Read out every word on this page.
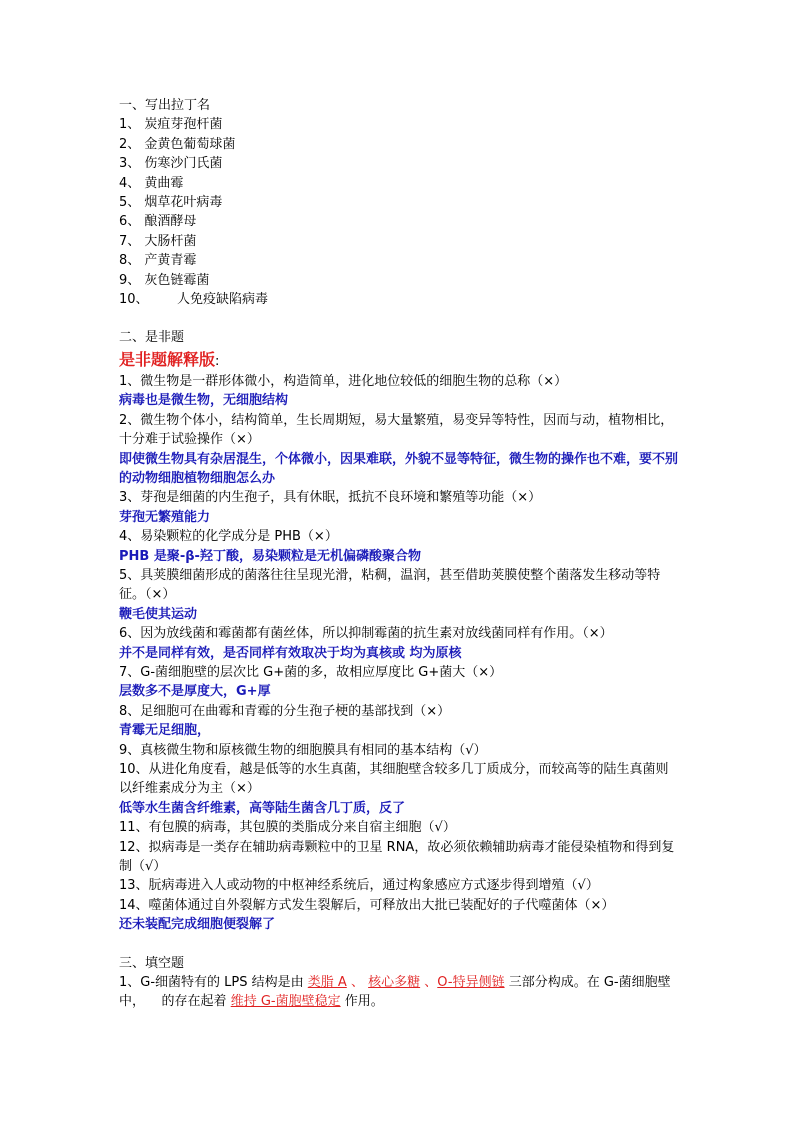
一、写出拉丁名
1、 炭疽芽孢杆菌
2、 金黄色葡萄球菌
3、 伤寒沙门氏菌
4、 黄曲霉
5、 烟草花叶病毒
6、 酿酒酵母
7、 大肠杆菌
8、 产黄青霉
9、 灰色链霉菌
10、 人免疫缺陷病毒
二、是非题
是非题解释版:
1、微生物是一群形体微小，构造简单，进化地位较低的细胞生物的总称（×）
病毒也是微生物，无细胞结构
2、微生物个体小，结构简单，生长周期短，易大量繁殖，易变异等特性，因而与动，植物相比，十分难于试验操作（×）
即使微生物具有杂居混生，个体微小，因果难联，外貌不显等特征，微生物的操作也不难，要不别的动物细胞植物细胞怎么办
3、芽孢是细菌的内生孢子，具有休眠，抵抗不良环境和繁殖等功能（×）
芽孢无繁殖能力
4、易染颗粒的化学成分是 PHB（×）
PHB 是聚-β-羟丁酸，易染颗粒是无机偏磷酸聚合物
5、具荚膜细菌形成的菌落往往呈现光滑，粘稠，温润，甚至借助荚膜使整个菌落发生移动等特征。（×）
鞭毛使其运动
6、因为放线菌和霉菌都有菌丝体，所以抑制霉菌的抗生素对放线菌同样有作用。（×）
并不是同样有效，是否同样有效取决于均为真核或 均为原核
7、G-菌细胞壁的层次比 G+菌的多，故相应厚度比 G+菌大（×）
层数多不是厚度大，G+厚
8、足细胞可在曲霉和青霉的分生孢子梗的基部找到（×）
青霉无足细胞，
9、真核微生物和原核微生物的细胞膜具有相同的基本结构（√）
10、从进化角度看，越是低等的水生真菌，其细胞壁含较多几丁质成分，而较高等的陆生真菌则以纤维素成分为主（×）
低等水生菌含纤维素，高等陆生菌含几丁质，反了
11、有包膜的病毒，其包膜的类脂成分来自宿主细胞（√）
12、拟病毒是一类存在辅助病毒颗粒中的卫星 RNA，故必须依赖辅助病毒才能侵染植物和得到复制（√）
13、朊病毒进入人或动物的中枢神经系统后，通过构象感应方式逐步得到增殖（√）
14、噬菌体通过自外裂解方式发生裂解后，可释放出大批已装配好的子代噬菌体（×）
还未装配完成细胞便裂解了
三、填空题
1、G-细菌特有的 LPS 结构是由 类脂 A 、 核心多糖 、O-特异侧链 三部分构成。在 G-菌细胞壁中， 的存在起着 维持 G-菌胞壁稳定 作用。
